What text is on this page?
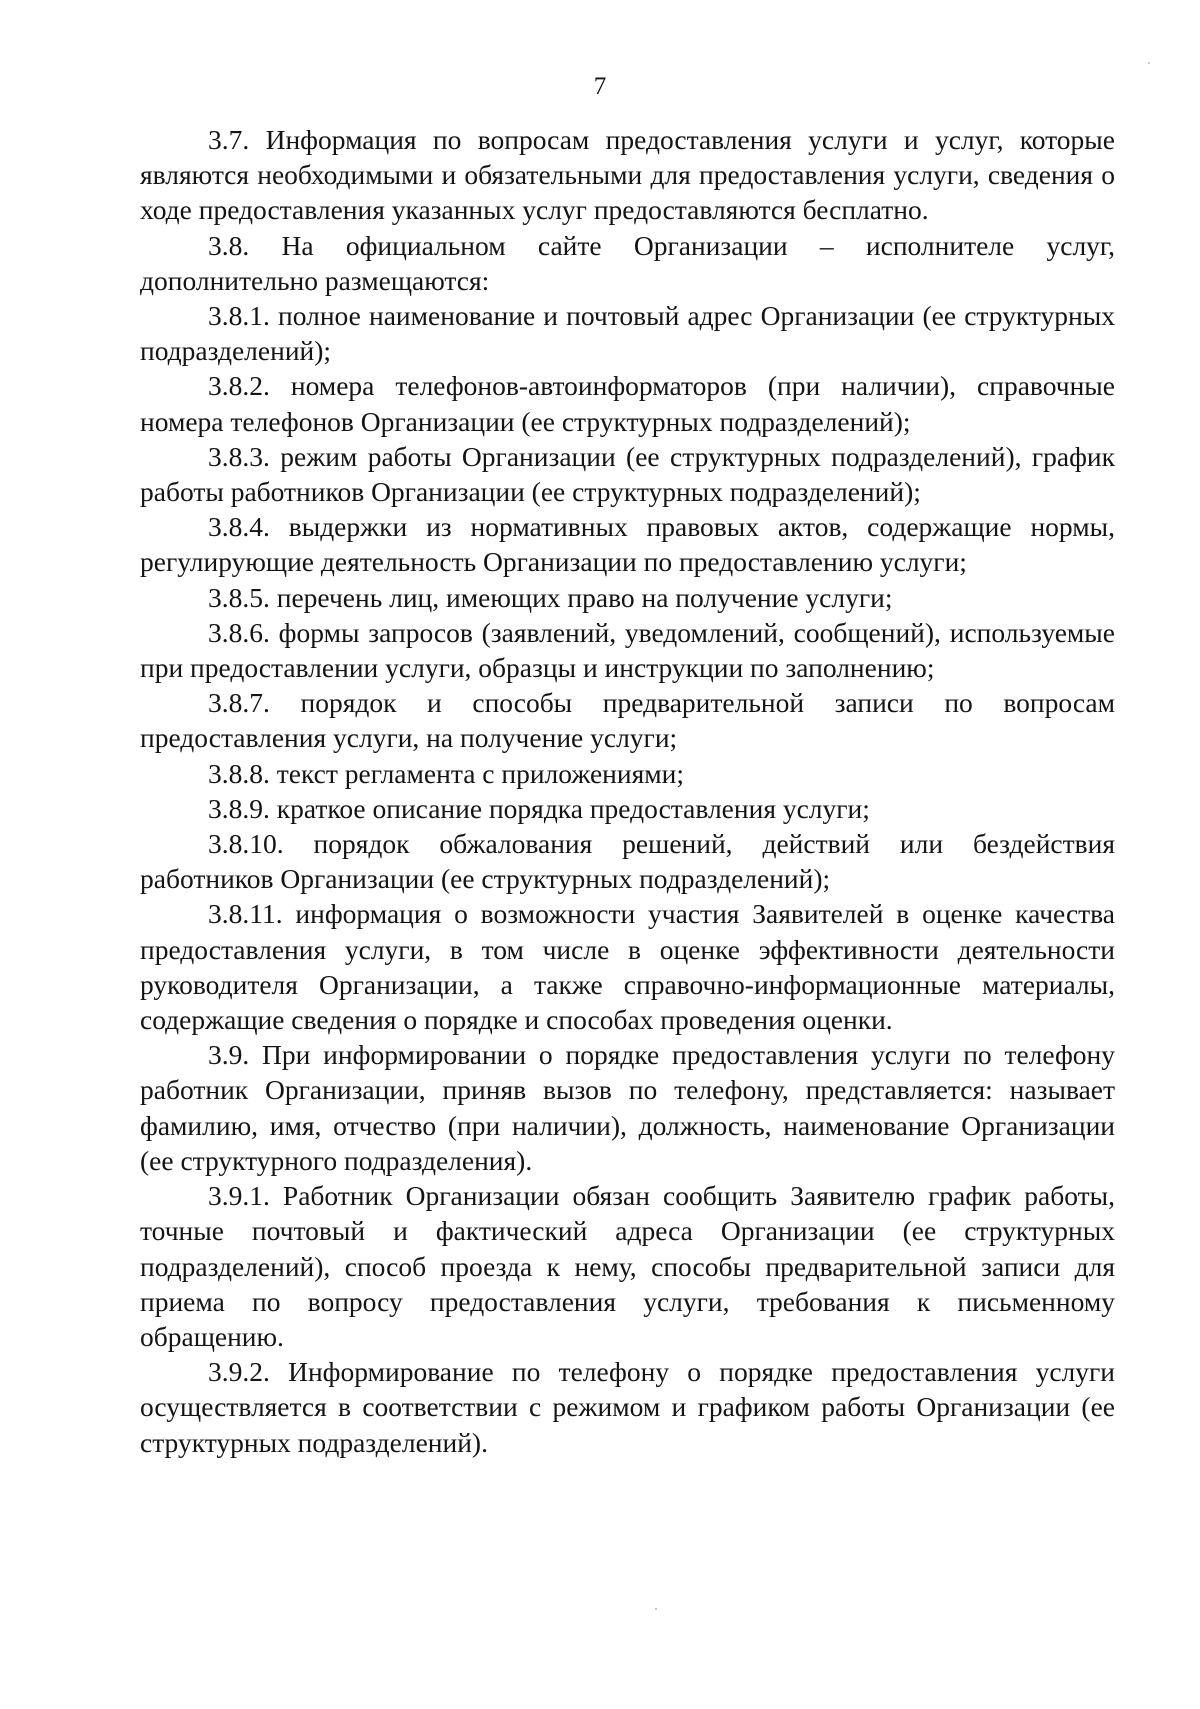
7

3.7. Информация по вопросам предоставления услуги и услуг, которые являются необходимыми и обязательными для предоставления услуги, сведения о ходе предоставления указанных услуг предоставляются бесплатно.

3.8. На официальном сайте Организации – исполнителе услуг, дополнительно размещаются:

3.8.1. полное наименование и почтовый адрес Организации (ее структурных подразделений);

3.8.2. номера телефонов-автоинформаторов (при наличии), справочные номера телефонов Организации (ее структурных подразделений);

3.8.3. режим работы Организации (ее структурных подразделений), график работы работников Организации (ее структурных подразделений);

3.8.4. выдержки из нормативных правовых актов, содержащие нормы, регулирующие деятельность Организации по предоставлению услуги;

3.8.5. перечень лиц, имеющих право на получение услуги;

3.8.6. формы запросов (заявлений, уведомлений, сообщений), используемые при предоставлении услуги, образцы и инструкции по заполнению;

3.8.7. порядок и способы предварительной записи по вопросам предоставления услуги, на получение услуги;

3.8.8. текст регламента с приложениями;

3.8.9. краткое описание порядка предоставления услуги;

3.8.10. порядок обжалования решений, действий или бездействия работников Организации (ее структурных подразделений);

3.8.11. информация о возможности участия Заявителей в оценке качества предоставления услуги, в том числе в оценке эффективности деятельности руководителя Организации, а также справочно-информационные материалы, содержащие сведения о порядке и способах проведения оценки.

3.9. При информировании о порядке предоставления услуги по телефону работник Организации, приняв вызов по телефону, представляется: называет фамилию, имя, отчество (при наличии), должность, наименование Организации (ее структурного подразделения).

3.9.1. Работник Организации обязан сообщить Заявителю график работы, точные почтовый и фактический адреса Организации (ее структурных подразделений), способ проезда к нему, способы предварительной записи для приема по вопросу предоставления услуги, требования к письменному обращению.

3.9.2. Информирование по телефону о порядке предоставления услуги осуществляется в соответствии с режимом и графиком работы Организации (ее структурных подразделений).
